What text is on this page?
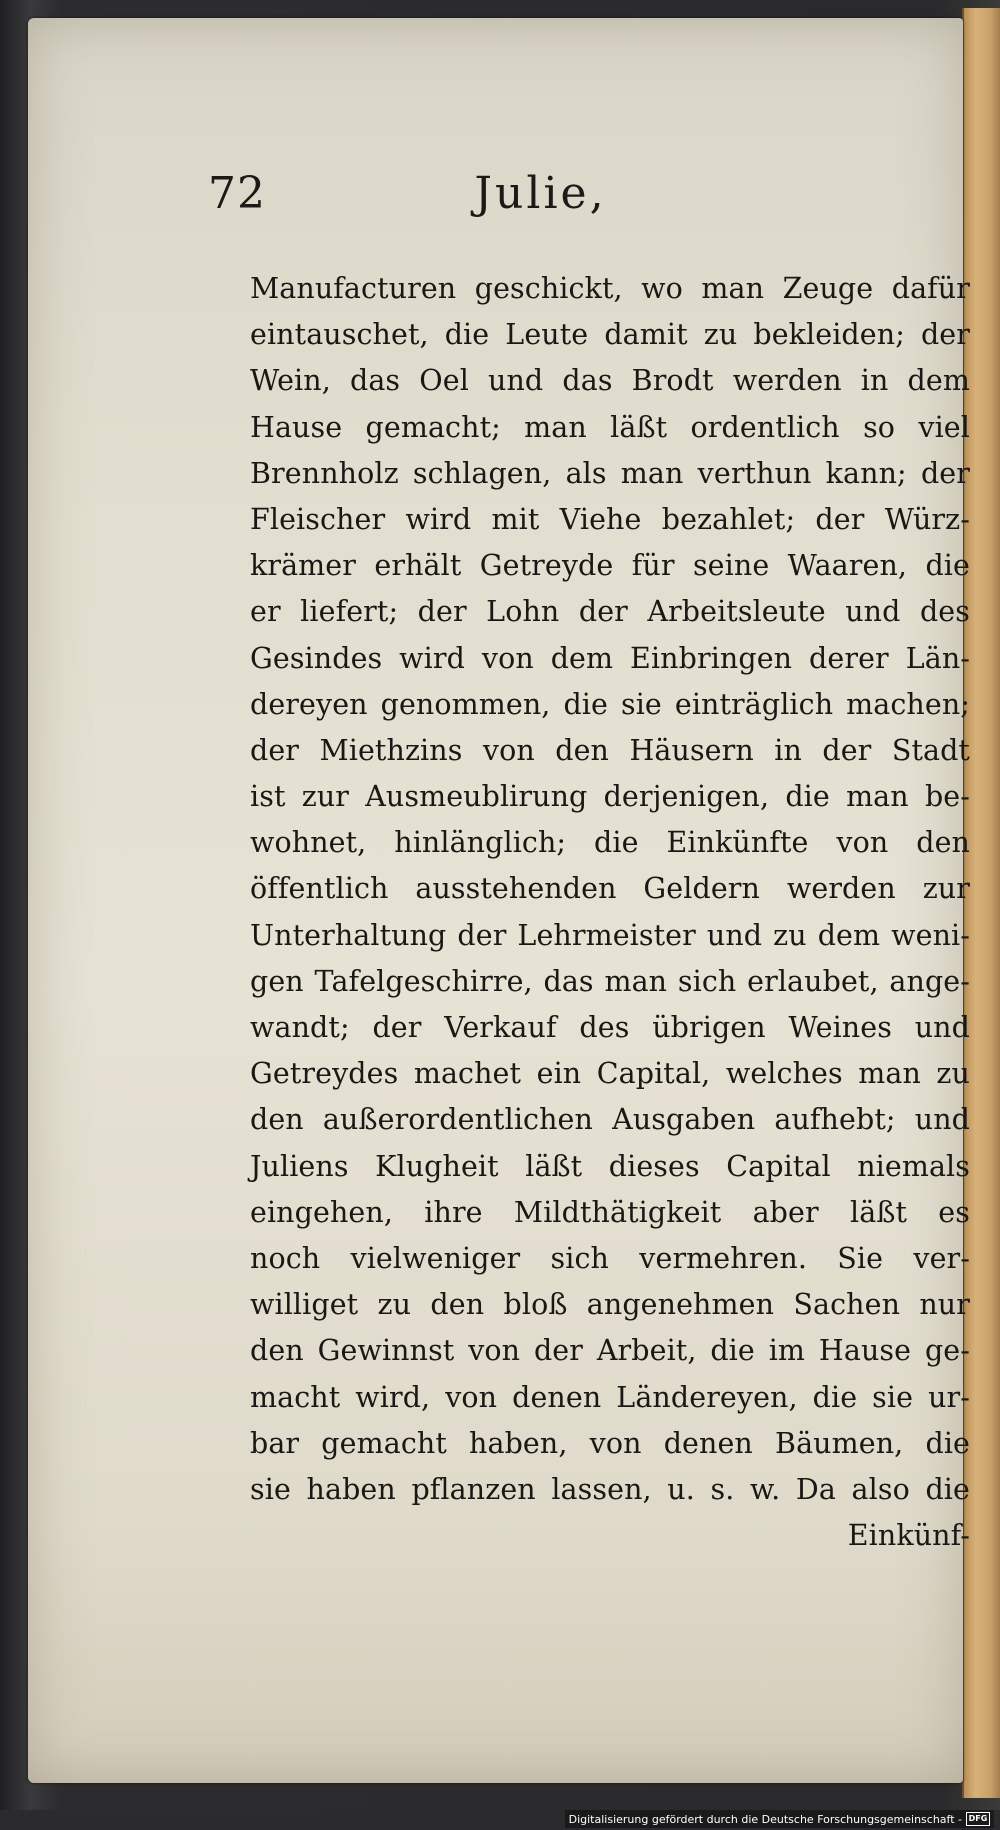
72	Julie,
Manufacturen geschickt, wo man Zeuge dafür
eintauschet, die Leute damit zu bekleiden; der
Wein, das Oel und das Brodt werden in dem
Hause gemacht; man läßt ordentlich so viel
Brennholz schlagen, als man verthun kann; der
Fleischer wird mit Viehe bezahlet; der Würz-
krämer erhält Getreyde für seine Waaren, die
er liefert; der Lohn der Arbeitsleute und des
Gesindes wird von dem Einbringen derer Län-
dereyen genommen, die sie einträglich machen;
der Miethzins von den Häusern in der Stadt
ist zur Ausmeublirung derjenigen, die man be-
wohnet, hinlänglich; die Einkünfte von den
öffentlich ausstehenden Geldern werden zur
Unterhaltung der Lehrmeister und zu dem weni-
gen Tafelgeschirre, das man sich erlaubet, ange-
wandt; der Verkauf des übrigen Weines und
Getreydes machet ein Capital, welches man zu
den außerordentlichen Ausgaben aufhebt; und
Juliens Klugheit läßt dieses Capital niemals
eingehen, ihre Mildthätigkeit aber läßt es
noch vielweniger sich vermehren. Sie ver-
williget zu den bloß angenehmen Sachen nur
den Gewinnst von der Arbeit, die im Hause ge-
macht wird, von denen Ländereyen, die sie ur-
bar gemacht haben, von denen Bäumen, die
sie haben pflanzen lassen, u. s. w. Da also die
Einkünf-
Digitalisierung gefördert durch die Deutsche Forschungsgemeinschaft - DFG
